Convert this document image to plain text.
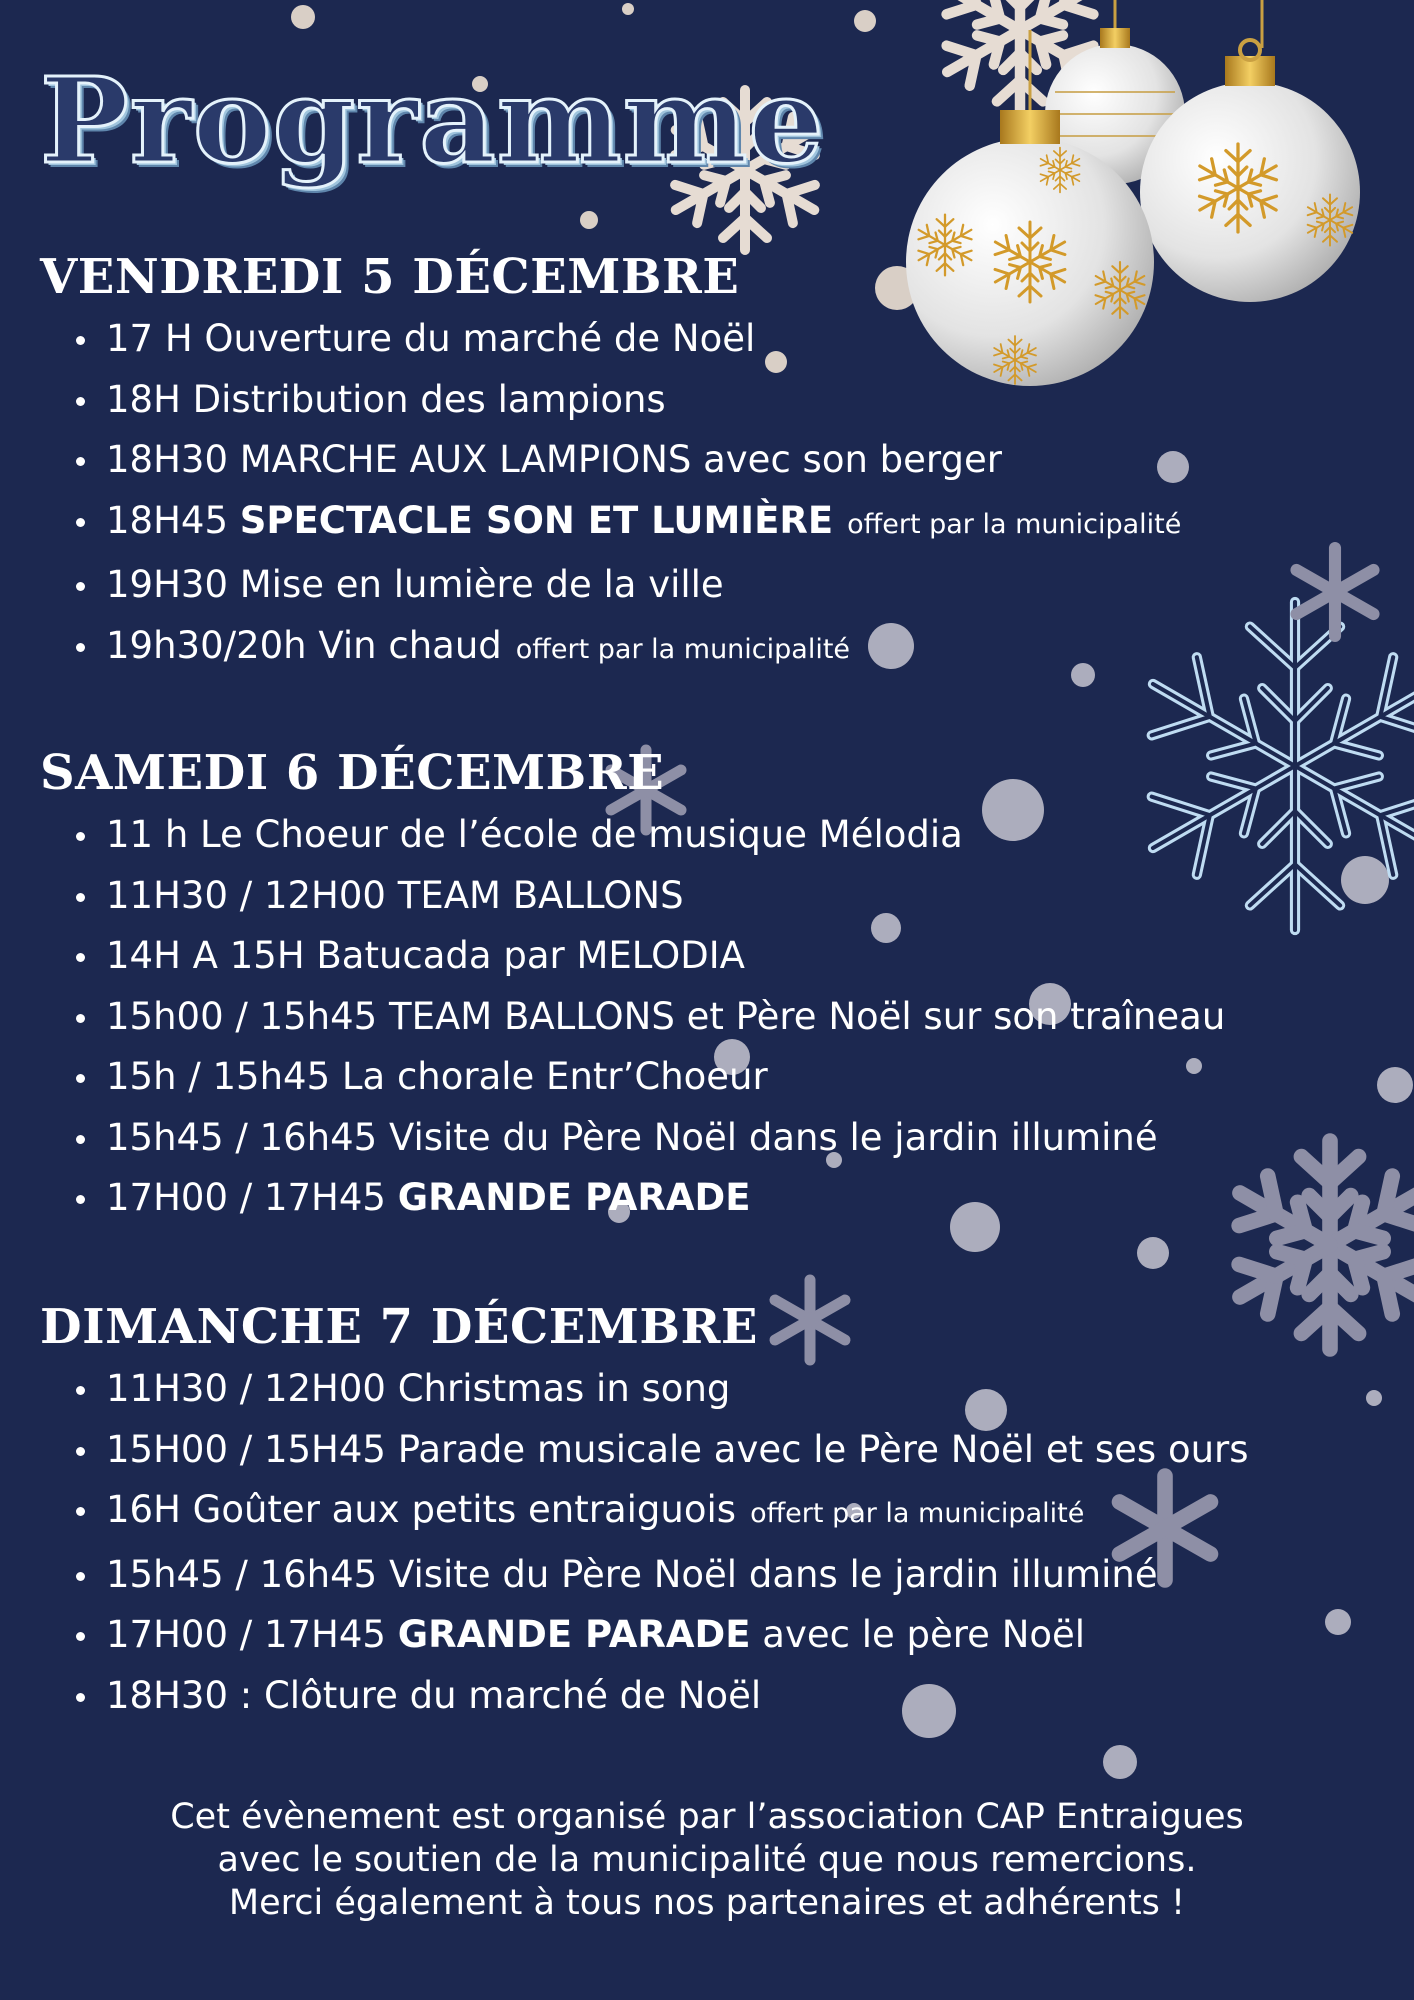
Programme
VENDREDI 5 DÉCEMBRE
17 H Ouverture du marché de Noël
18H Distribution des lampions
18H30 MARCHE AUX LAMPIONS avec son berger
18H45 SPECTACLE SON ET LUMIÈRE offert par la municipalité
19H30 Mise en lumière de la ville
19h30/20h Vin chaud offert par la municipalité
SAMEDI 6 DÉCEMBRE
11 h Le Choeur de l’école de musique Mélodia
11H30 / 12H00 TEAM BALLONS
14H A 15H Batucada par MELODIA
15h00 / 15h45 TEAM BALLONS et Père Noël sur son traîneau
15h / 15h45 La chorale Entr’Choeur
15h45 / 16h45 Visite du Père Noël dans le jardin illuminé
17H00 / 17H45 GRANDE PARADE
DIMANCHE 7 DÉCEMBRE
11H30 / 12H00 Christmas in song
15H00 / 15H45 Parade musicale avec le Père Noël et ses ours
16H Goûter aux petits entraiguois offert par la municipalité
15h45 / 16h45 Visite du Père Noël dans le jardin illuminé
17H00 / 17H45 GRANDE PARADE avec le père Noël
18H30 : Clôture du marché de Noël

Cet évènement est organisé par l’association CAP Entraigues

avec le soutien de la municipalité que nous remercions.

Merci également à tous nos partenaires et adhérents !
